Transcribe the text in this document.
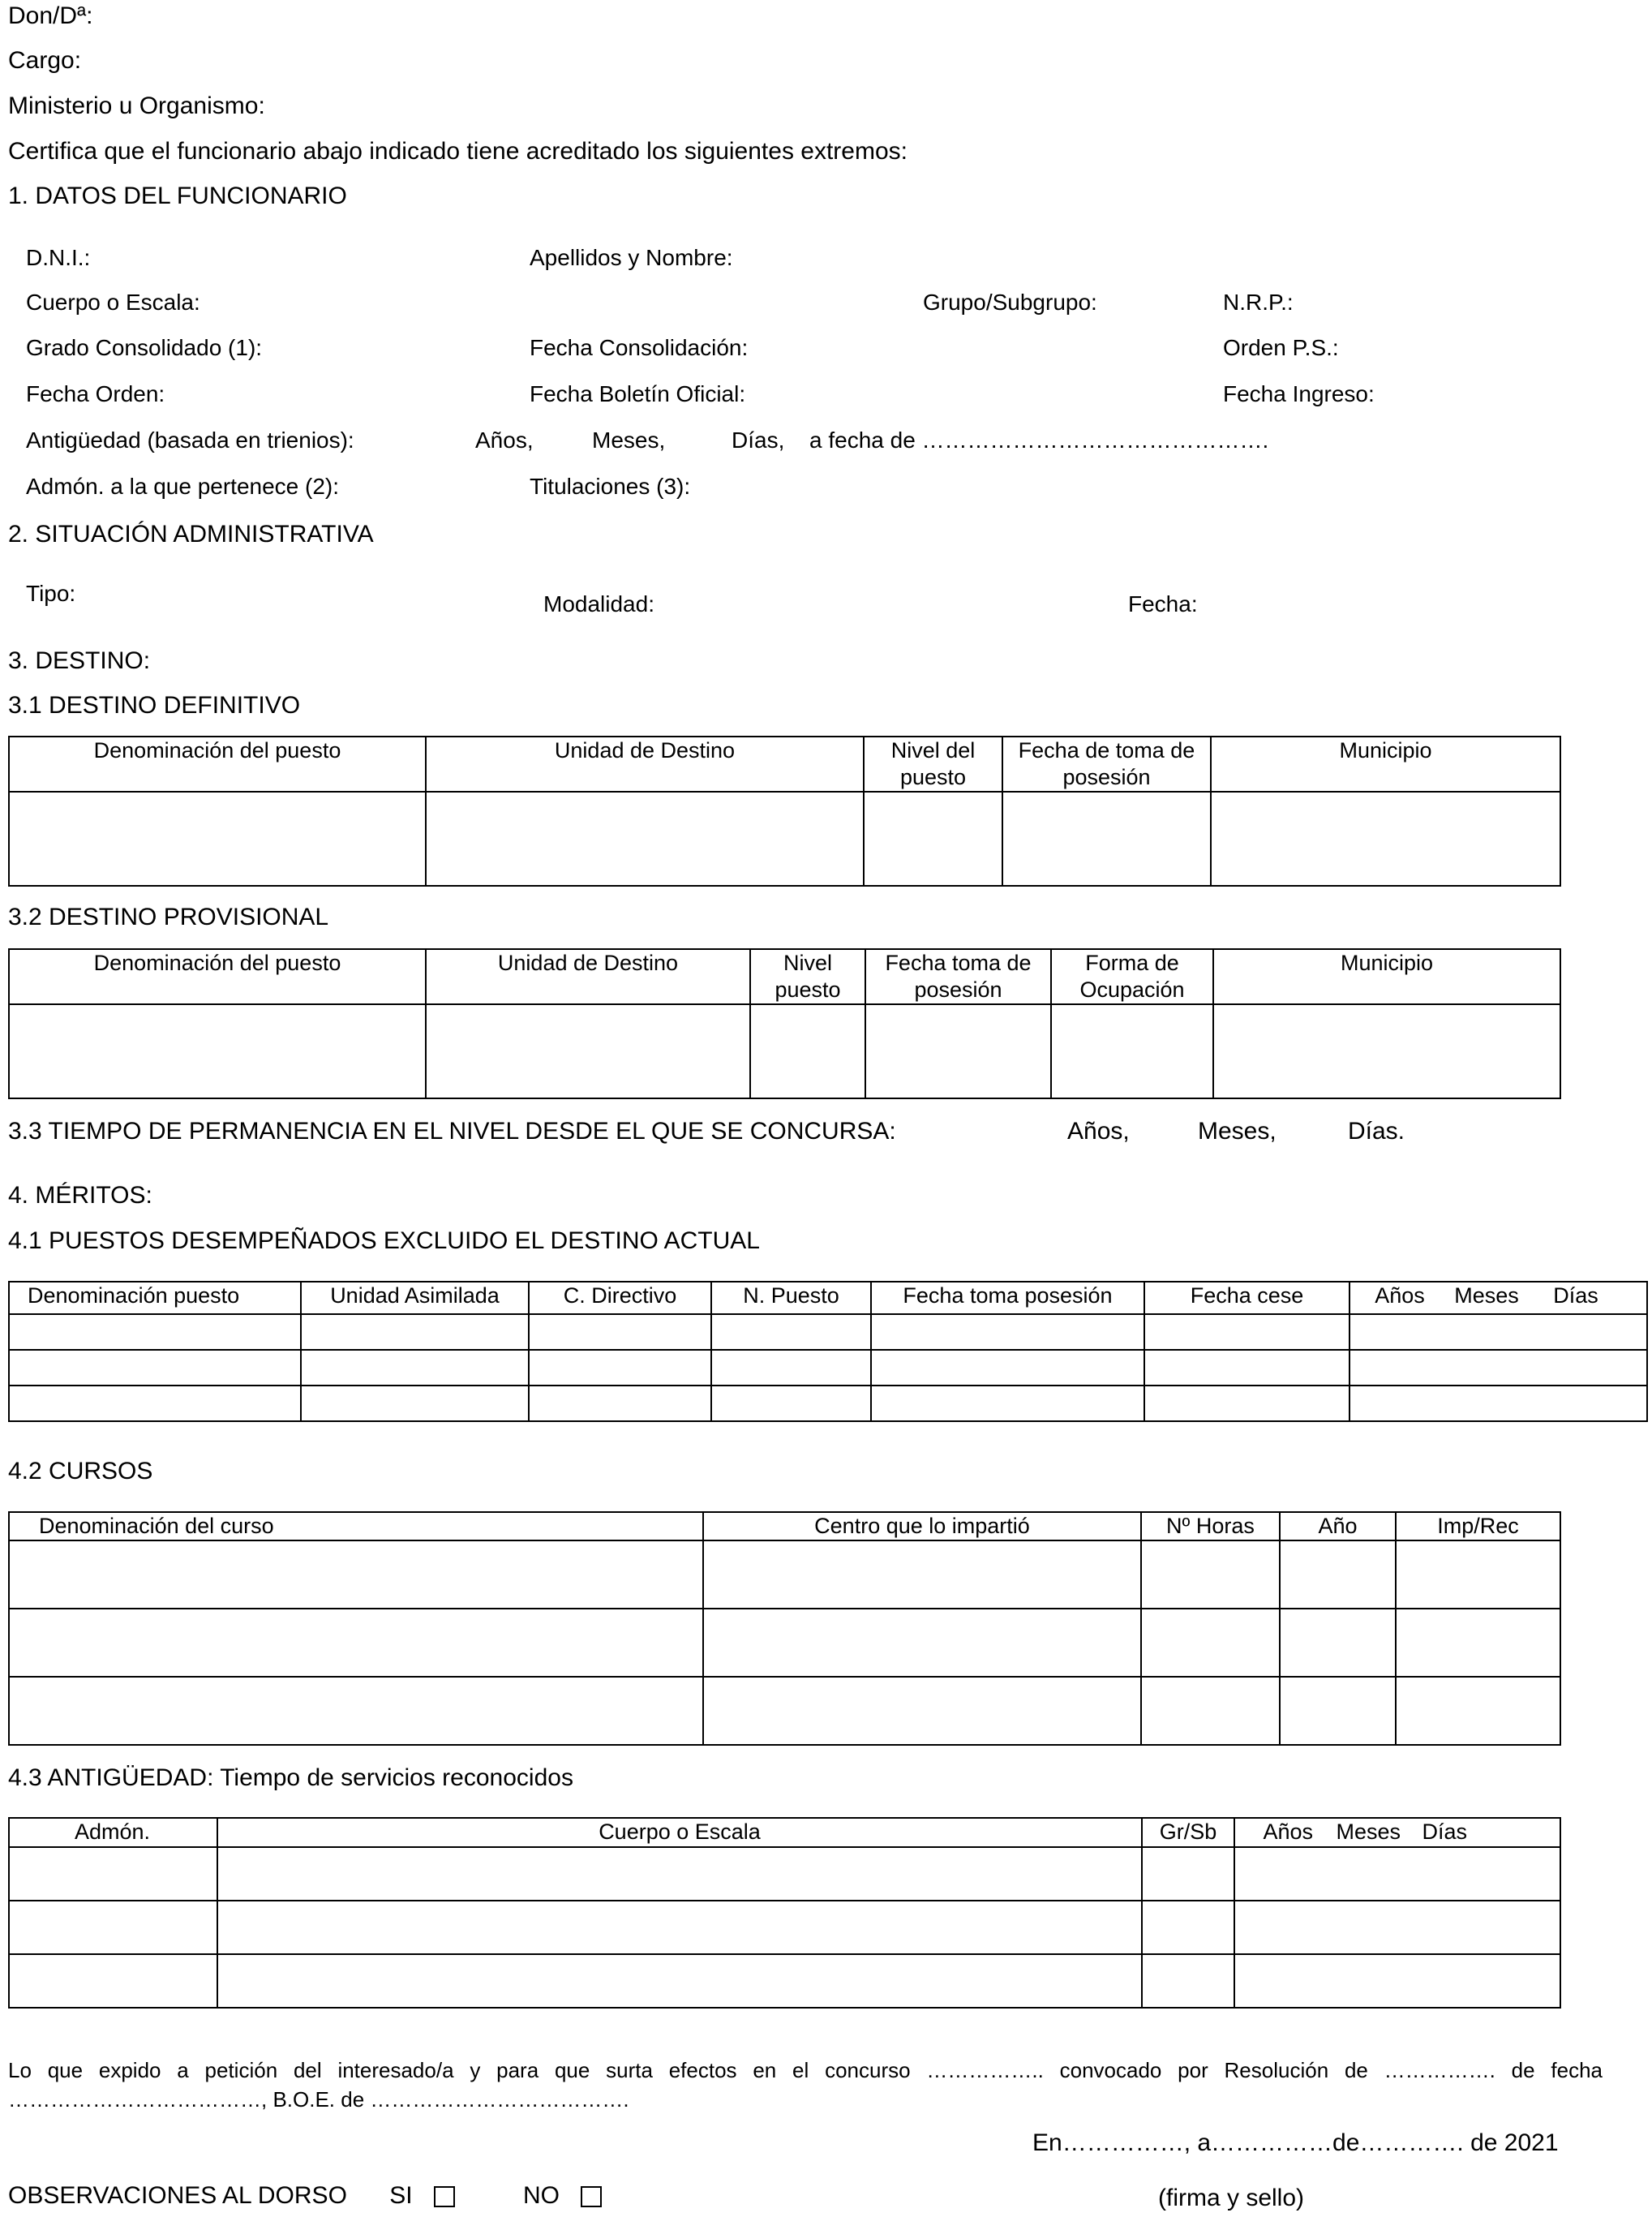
Don/Dª:
Cargo:
Ministerio u Organismo:
Certifica que el funcionario abajo indicado tiene acreditado los siguientes extremos:
1. DATOS DEL FUNCIONARIO
D.N.I.:	Apellidos y Nombre:
Cuerpo o Escala:	Grupo/Subgrupo:	N.R.P.:
Grado Consolidado (1):	Fecha Consolidación:	Orden P.S.:
Fecha Orden:	Fecha Boletín Oficial:	Fecha Ingreso:
Antigüedad (basada en trienios):	Años,	Meses,	Días, a fecha de ……………………………………….
Admón. a la que pertenece (2):	Titulaciones (3):
2. SITUACIÓN ADMINISTRATIVA
Tipo:	Modalidad:	Fecha:
3. DESTINO:
3.1 DESTINO DEFINITIVO
Denominación del puesto	Unidad de Destino	Nivel del puesto	Fecha de toma de posesión	Municipio

3.2 DESTINO PROVISIONAL
Denominación del puesto	Unidad de Destino	Nivel puesto	Fecha toma de posesión	Forma de Ocupación	Municipio

3.3 TIEMPO DE PERMANENCIA EN EL NIVEL DESDE EL QUE SE CONCURSA:	Años,	Meses,	Días.
4. MÉRITOS:
4.1 PUESTOS DESEMPEÑADOS EXCLUIDO EL DESTINO ACTUAL
Denominación puesto	Unidad Asimilada	C. Directivo	N. Puesto	Fecha toma posesión	Fecha cese	Años Meses Días

4.2 CURSOS
Denominación del curso	Centro que lo impartió	Nº Horas	Año	Imp/Rec

4.3 ANTIGÜEDAD: Tiempo de servicios reconocidos
Admón.	Cuerpo o Escala	Gr/Sb	Años Meses Días

Lo que expido a petición del interesado/a y para que surta efectos en el concurso …………….. convocado por Resolución de ……………. de fecha ………………………………, B.O.E. de ……………………………….
En……………, a……………de…………. de 2021
OBSERVACIONES AL DORSO SI	NO	(firma y sello)
